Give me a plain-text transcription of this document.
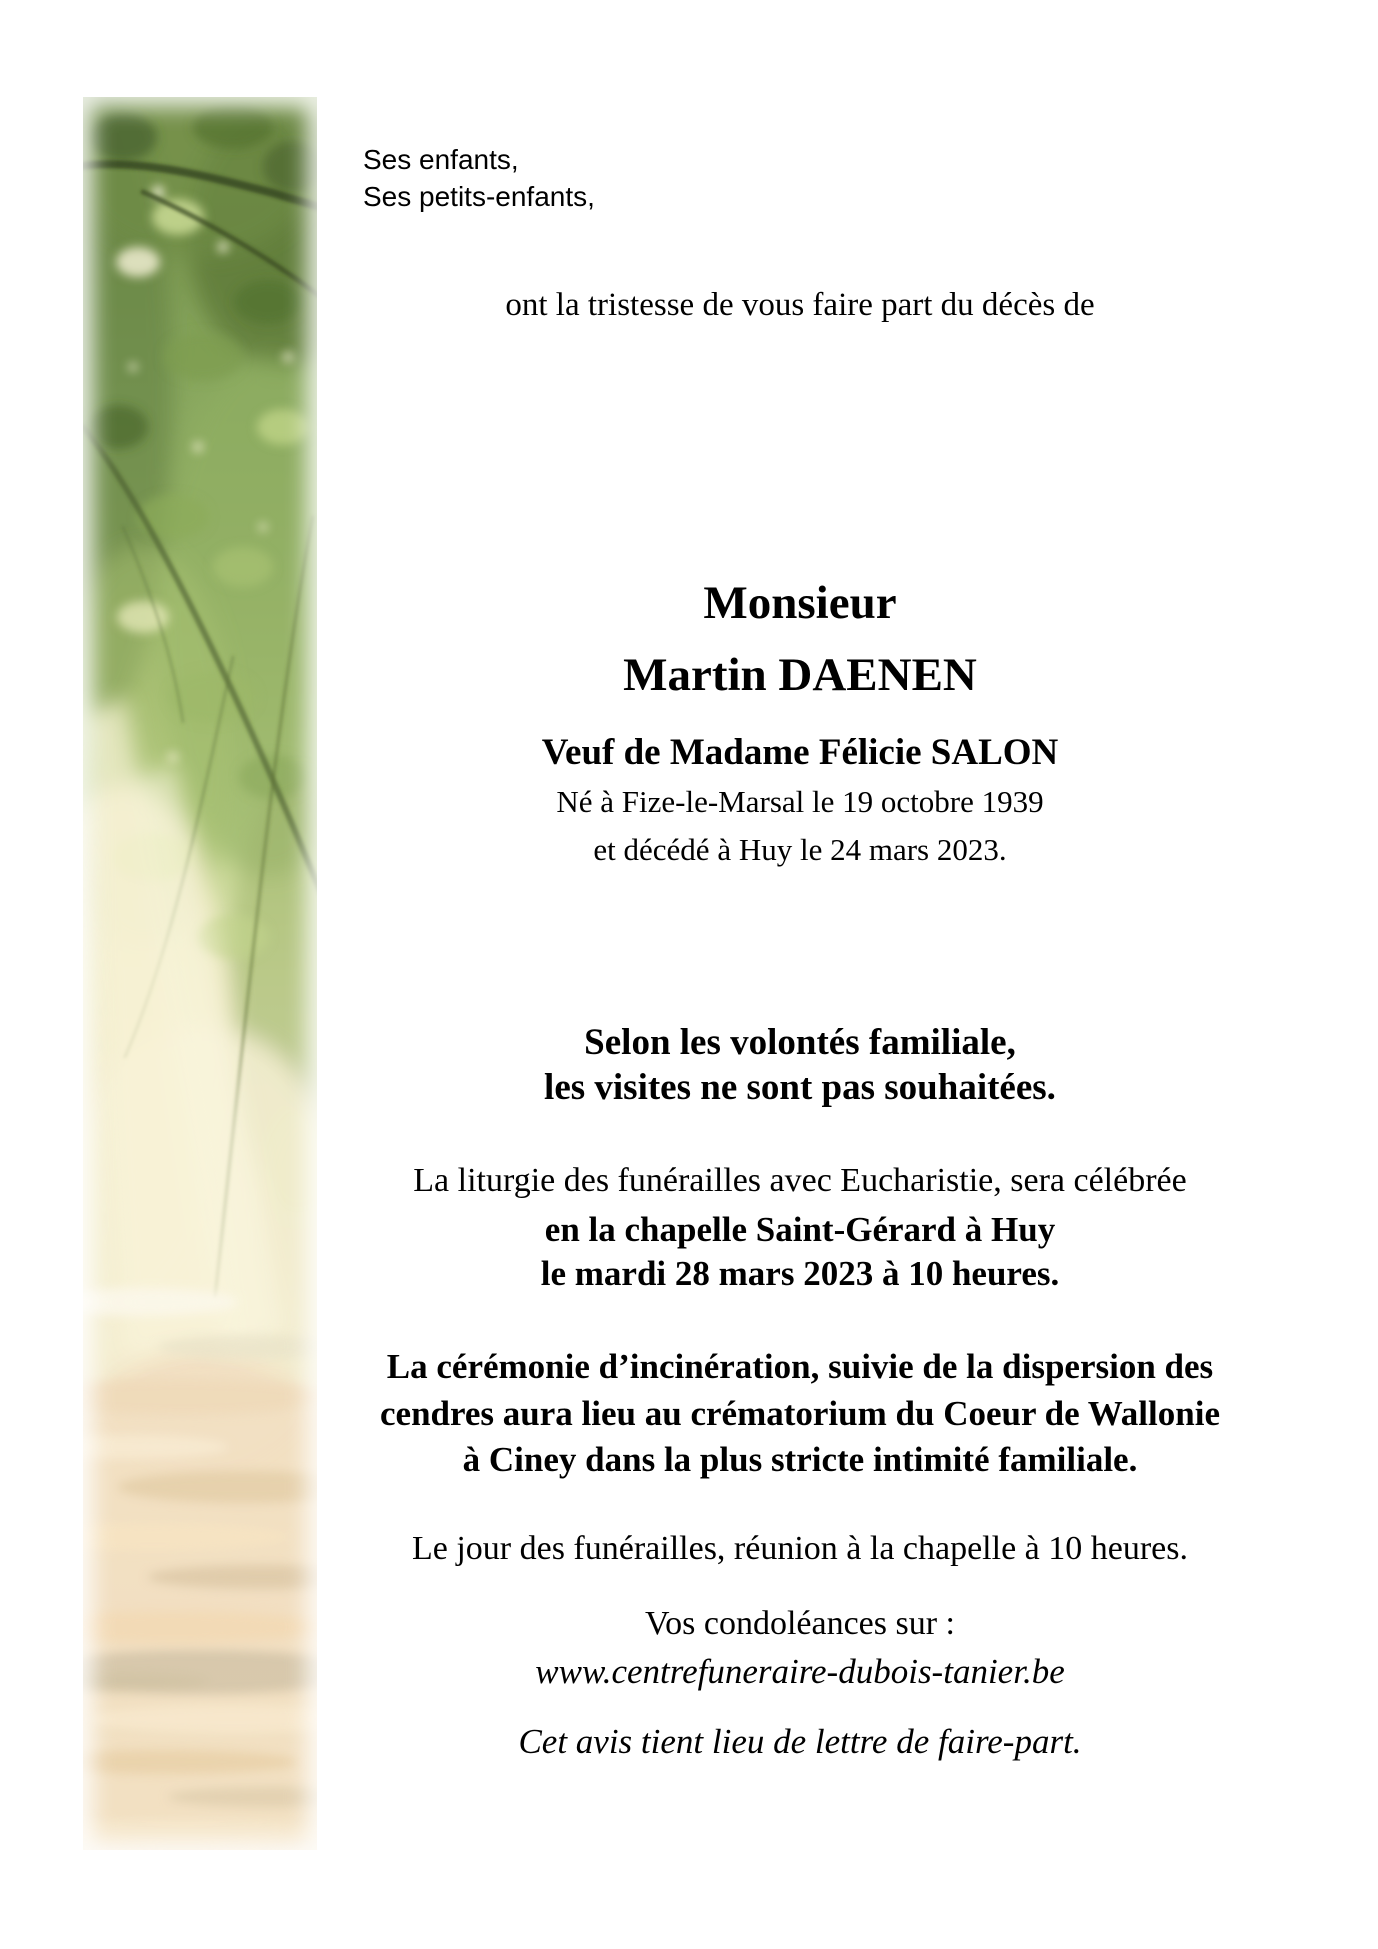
Ses enfants,
Ses petits-enfants,
ont la tristesse de vous faire part du décès de
Monsieur
Martin DAENEN
Veuf de Madame Félicie SALON
Né à Fize-le-Marsal le 19 octobre 1939
et décédé à Huy le 24 mars 2023.
Selon les volontés familiale,
les visites ne sont pas souhaitées.
La liturgie des funérailles avec Eucharistie, sera célébrée
en la chapelle Saint-Gérard à Huy
le mardi 28 mars 2023 à 10 heures.
La cérémonie d’incinération, suivie de la dispersion des
cendres aura lieu au crématorium du Coeur de Wallonie
à Ciney dans la plus stricte intimité familiale.
Le jour des funérailles, réunion à la chapelle à 10 heures.
Vos condoléances sur :
www.centrefuneraire-dubois-tanier.be
Cet avis tient lieu de lettre de faire-part.
